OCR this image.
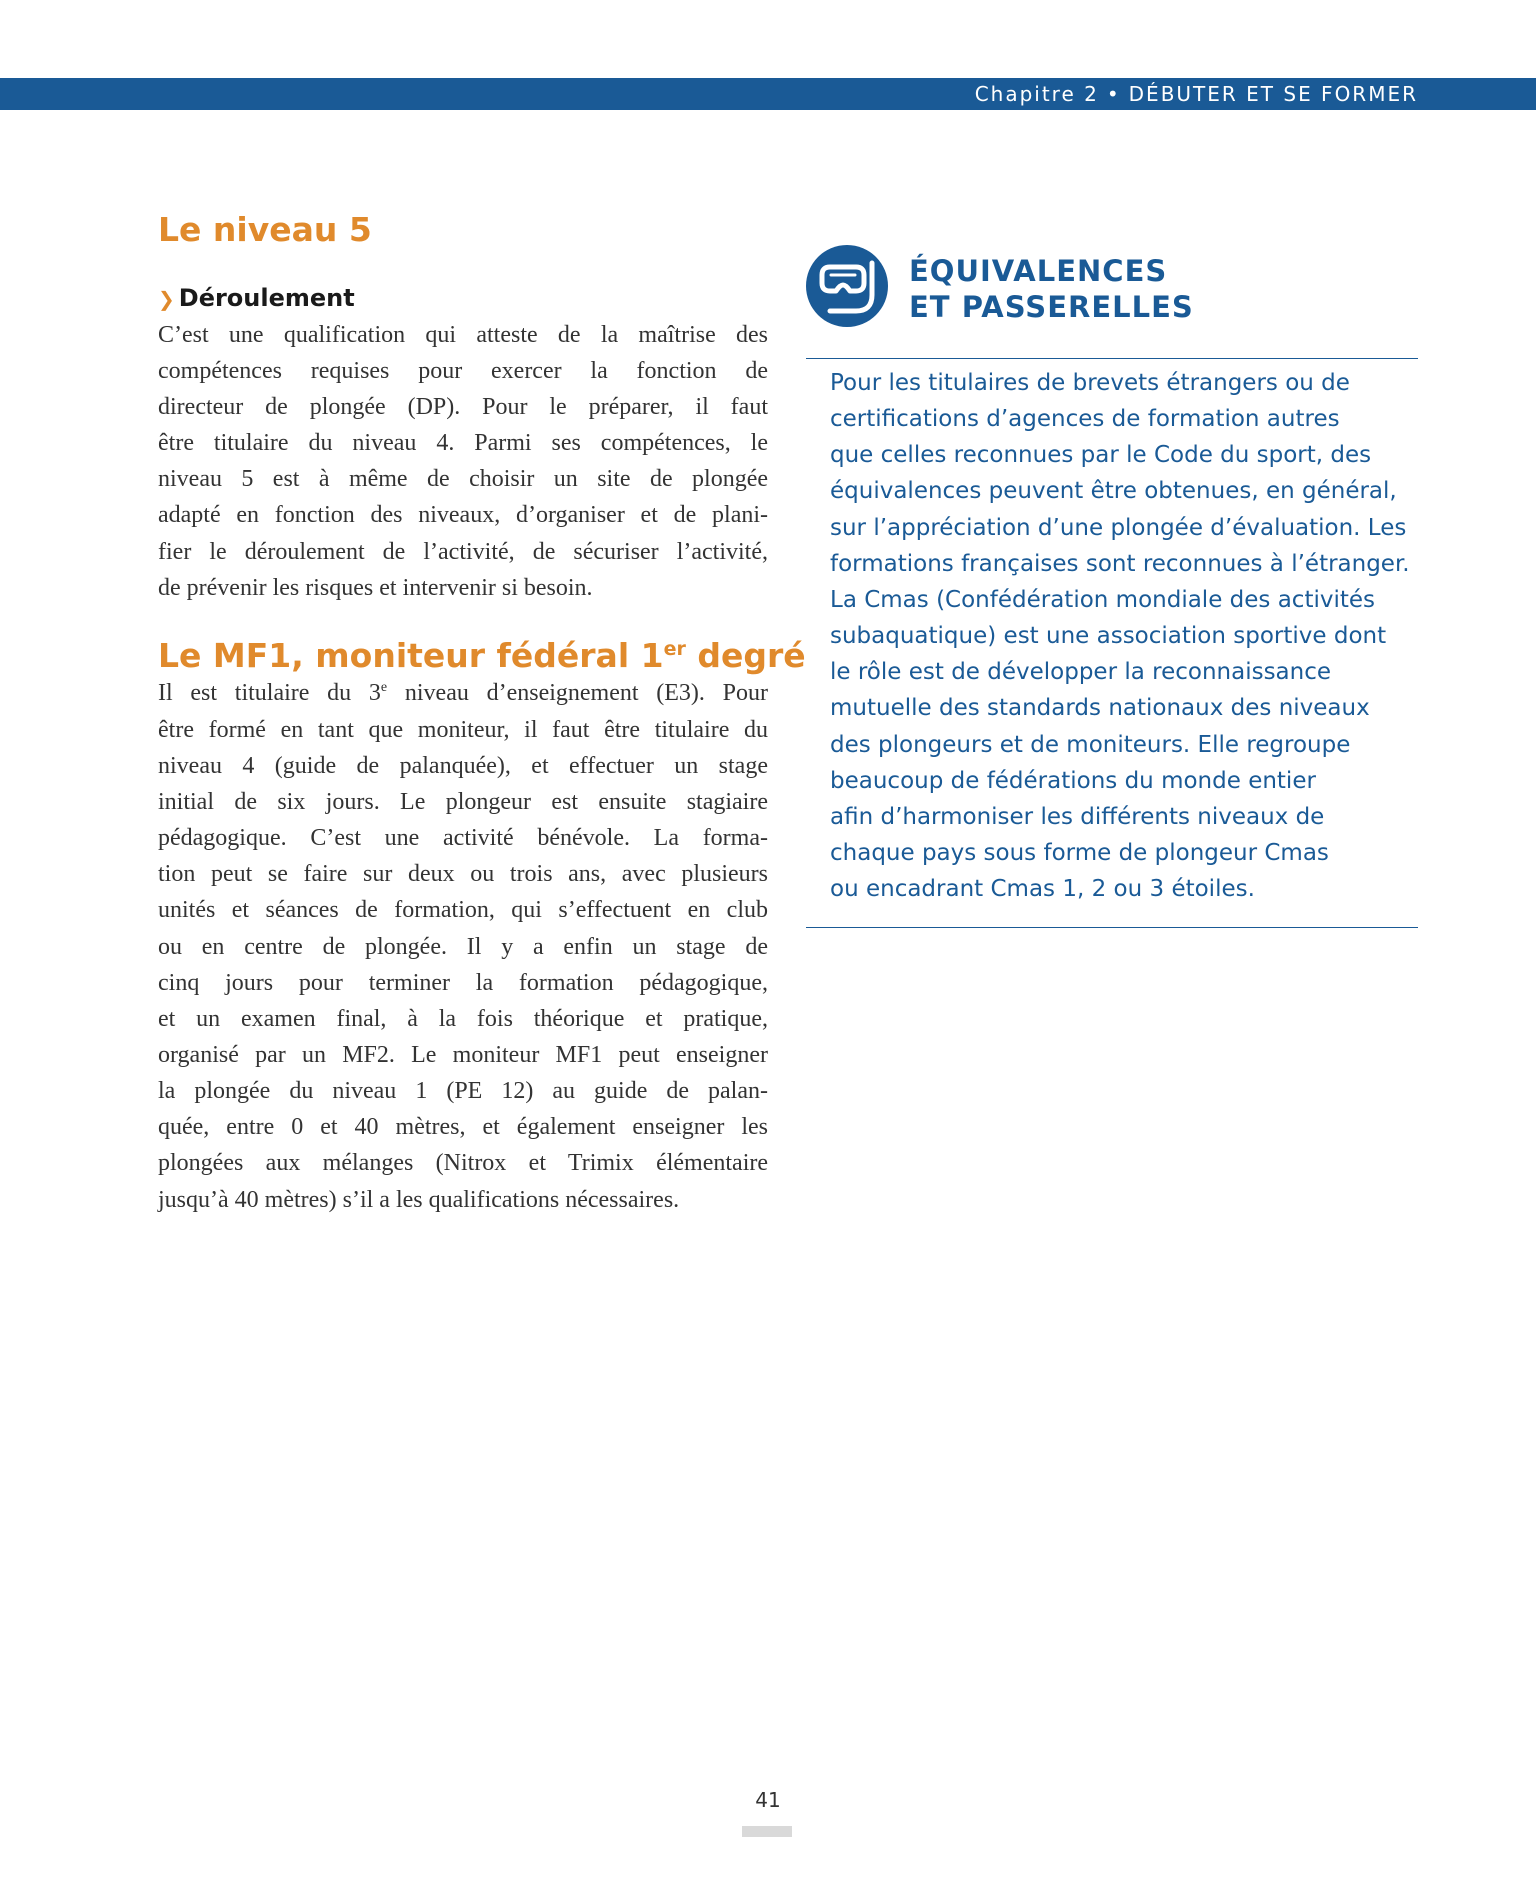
Chapitre 2 • DÉBUTER ET SE FORMER
Le niveau 5
❯ Déroulement

C’est une qualification qui atteste de la maîtrise des
compétences requises pour exercer la fonction de
directeur de plongée (DP). Pour le préparer, il faut
être titulaire du niveau 4. Parmi ses compétences, le
niveau 5 est à même de choisir un site de plongée
adapté en fonction des niveaux, d’organiser et de plani-
fier le déroulement de l’activité, de sécuriser l’activité,
de prévenir les risques et intervenir si besoin.

Le MF1, moniteur fédéral 1er degré

Il est titulaire du 3e niveau d’enseignement (E3). Pour
être formé en tant que moniteur, il faut être titulaire du
niveau 4 (guide de palanquée), et effectuer un stage
initial de six jours. Le plongeur est ensuite stagiaire
pédagogique. C’est une activité bénévole. La forma-
tion peut se faire sur deux ou trois ans, avec plusieurs
unités et séances de formation, qui s’effectuent en club
ou en centre de plongée. Il y a enfin un stage de
cinq jours pour terminer la formation pédagogique,
et un examen final, à la fois théorique et pratique,
organisé par un MF2. Le moniteur MF1 peut enseigner
la plongée du niveau 1 (PE 12) au guide de palan-
quée, entre 0 et 40 mètres, et également enseigner les
plongées aux mélanges (Nitrox et Trimix élémentaire
jusqu’à 40 mètres) s’il a les qualifications nécessaires.

ÉQUIVALENCES
ET PASSERELLES

Pour les titulaires de brevets étrangers ou de
certifications d’agences de formation autres
que celles reconnues par le Code du sport, des
équivalences peuvent être obtenues, en général,
sur l’appréciation d’une plongée d’évaluation. Les
formations françaises sont reconnues à l’étranger.
La Cmas (Confédération mondiale des activités
subaquatique) est une association sportive dont
le rôle est de développer la reconnaissance
mutuelle des standards nationaux des niveaux
des plongeurs et de moniteurs. Elle regroupe
beaucoup de fédérations du monde entier
afin d’harmoniser les différents niveaux de
chaque pays sous forme de plongeur Cmas
ou encadrant Cmas 1, 2 ou 3 étoiles.

41
